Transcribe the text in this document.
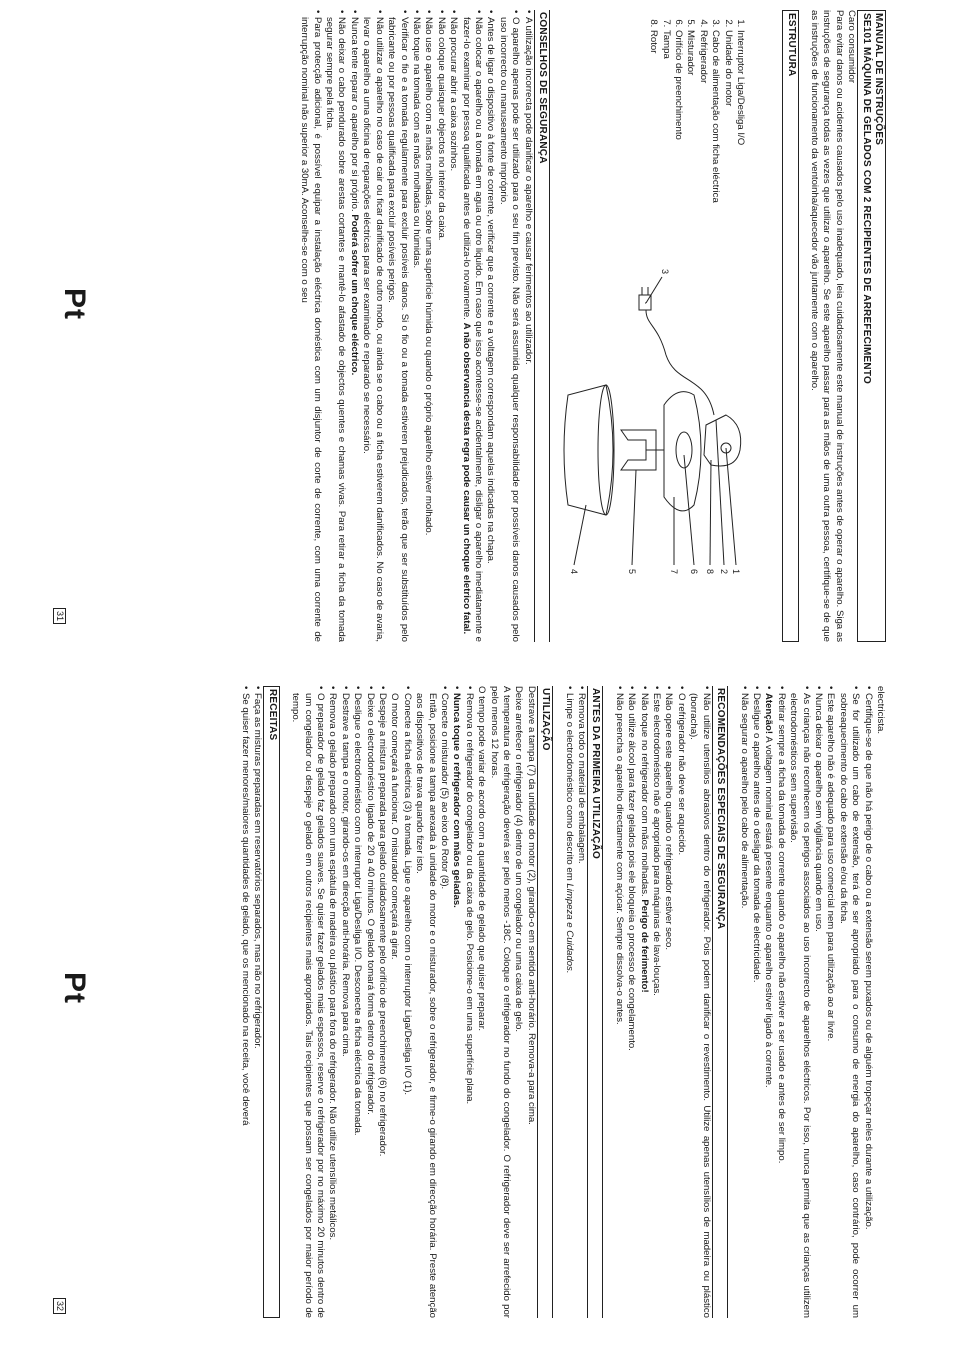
MANUAL DE INSTRUÇÕES
SE101 MÁQUINA DE GELADOS COM 2 RECIPIENTES DE ARREFECIMENTO

Caro consumidor

Para evitar danos ou acidentes causados pelo uso inadequado, leia cuidadosamente este manual de instruções antes de operar o aparelho. Siga as instruções de segurança todas as vezes que utilizar o aparelho. Se este aparelho passar para as mãos de uma outra pessoa, certifique-se de que as instruções de funcionamento da ventoinha/aquecedor vão juntamente com o aparelho.

ESTRUTURA
1. Interruptor Liga/Desliga I/O
2. Unidade do motor
3. Cabo de alimentação com ficha eléctrica
4. Refrigerador
5. Misturador
6. Orifício de preenchimento
7. Tampa
8. Rotor
1
2
3
4	5	6
7	8
CONSELHOS DE SEGURANÇA
• A utilização incorrecta pode danificar o aparelho e causar ferimentos ao utilizador.
• O aparelho apenas pode ser utilizado para o seu fim previsto. Não será assumida qualquer responsabilidade por possíveis danos causados pelo uso incorrecto ou manuseamento impróprio.
• Antes de ligar o dispositivo à fonte de corrente, verificar que a corrente e a voltagem correspondam aquelas indicadas na chapa.
• Não colocar o aparelho ou a tomada em agua ou otro liquido. Em caso que isso acontesse-se acidentalmente, disligar o aparelho imediatamente e fazer-lo examinar por pessoa qualificada antes de utiliza-lo novamente. A não observancia desta regra pode causar un choque eletrico fatal.
• Não procurar abrir a caixa sozinhos.
• Não coloque quaisquer objectos no interior da caixa.
• Não use o aparelho com as mãos molhadas, sobre uma superfície húmida ou quando o próprio aparelho estiver molhado.
• Não toque na tomada com as mãos molhadas ou húmidas.
• Verificar o fio e a tomada regularmente para excluir posíveis danos. Si o fio ou a tomada estiveren prejudicados, terão que ser substituídos pelo fabricante ou por pessoas qualificada para excluir posíveis perigos.
• Não utilizar o aparelho no caso de cair ou ficar danificado de outro modo, ou ainda se o cabo ou a ficha estiverem danificados. No caso de avaria, levar o aparelho a uma oficina de reparações eléctricas para ser examinado e reparado se necessário.
• Nunca tente reparar o aparelho por si próprio. Poderá sofrer um choque eléctrico.
• Não deixar o cabo pendurado sobre arestas cortantes e mantê-lo afastado de objectos quentes e chamas vivas. Para retirar a ficha da tomada segurar sempre pela ficha.
• Para protecção adicional, é possível equipar a instalação eléctrica doméstica com um disjuntor de corte de corrente, com uma corrente de interrupção nominal não superior a 30mA. Aconselhe-se com o seu
Pt
31

electricista.

• Certifique-se de que não há perigo de o cabo ou a extensão serem puxados ou de alguém tropeçar neles durante a utilização.
• Se for utilizado um cabo de extensão, terá de ser apropriado para o consumo de energia do aparelho, caso contrário, pode ocorrer um sobreaquecimento do cabo de extensão e/ou da ficha.
• Este aparelho não é adequado para uso comercial nem para utilização ao ar livre.
• Nunca deixar o aparelho sem vigilância quando em uso.
• As crianças não reconhecem os perigos associados ao uso incorrecto de aparelhos eléctricos. Por isso, nunca permita que as crianças utilizem electrodomésticos sem supervisão.
• Retirar sempre a ficha da tomada de corrente quando o aparelho não estiver a ser usado e antes de ser limpo.
• Atenção! A voltagem nominal estará presente enquanto o aparelho estiver ligado à corrente.
• Desligue o aparelho antes de o desligar da tomada de electricidade.
• Não segurar o aparelho pelo cabo de alimentação.
RECOMENDAÇÕES ESPECIAIS DE SEGURANÇA
• Não utilize utensílios abrasivos dentro do refrigerador. Pois podem danificar o revestimento. Utilize apenas utensílios de madeira ou plástico (borracha).
• O refrigerador não deve ser aquecido.
• Não opere este aparelho quando o refrigerador estiver seco.
• Este electrodoméstico não é apropriado para máquinas de lava-louças.
• Não toque no refrigerador com mãos molhadas. Perigo de ferimento!
• Não utilize álcool para fazer gelados pois ele bloqueia o processo de congelamento.
• Não preencha o aparelho directamente com açúcar. Sempre dissolva-o antes.
ANTES DA PRIMEIRA UTILIZAÇÃO
• Remova todo o material de embalagem.
• Limpe o electrodoméstico como descrito em Limpeza e Cuidados.
UTILIZAÇÃO

Destrave a tampa (7) da unidade do motor (2), girando-o em sentido anti-horário. Remova-a para cima.

Deixe arrefecer o refrigerador (4) dentro de um congelador ou uma caixa de gelo.

A temperatura de refrigeração deverá ser pelo menos -18C. Coloque o refrigerador no fundo do congelador. O refrigerador deve ser arrefecido por pelo menos 12 horas.

O tempo pode variar de acordo com a quantidade de gelado que quiser preparar.

• Remova o refrigerador do congelador ou da caixa de gelo. Posicione-o em uma superfície plana.
• Nunca toque o refrigerador com mãos geladas.
• Conecte o misturador (5) ao eixo do Rotor (8).
Então, posicione a tampa anexada à unidade do motor e o misturador, sobre o refrigerador, e firme-o girando em direcção horária. Preste atenção aos dispositivos de trava quando fizer isto.
• Conecte a ficha eléctrica (3) à tomada. Ligue o aparelho com o interruptor Liga/Desliga I/O (1).
O motor começará a funcionar. O misturador começará a girar.
• Despeje a mistura preparada para gelado cuidadosamente pelo orifício de preenchimento (6) no refrigerador.
• Deixe o electrodoméstico ligado de 20 a 40 minutos. O gelado tomará forma dentro do refrigerador.
• Desligue o electrodoméstico com o interruptor Liga/Desliga I/O. Desconecte a ficha eléctrica da tomada.
• Destrave a tampa e o motor, girando-os em direcção anti-horária. Remova para cima.
• Remova o gelado preparado com uma espátula de madeira ou plástico para fora do refrigerador. Não utilize utensílios metálicos.
• O preparador de gelado faz gelados suaves. Se quiser fazer gelados mais espessos, reserve o refrigerador por no máximo 20 minutos dentro de um congelador ou despeje o gelado em outros recipientes mais apropriados. Tais recipientes que possam ser congelados por maior período de tempo.
RECEITAS
• Faça as misturas preparadas em reservatórios separados, mas não no refrigerador.
• Se quiser fazer menores/maiores quantidades de gelado, que os mencionado na receita, você deverá
Pt
32
